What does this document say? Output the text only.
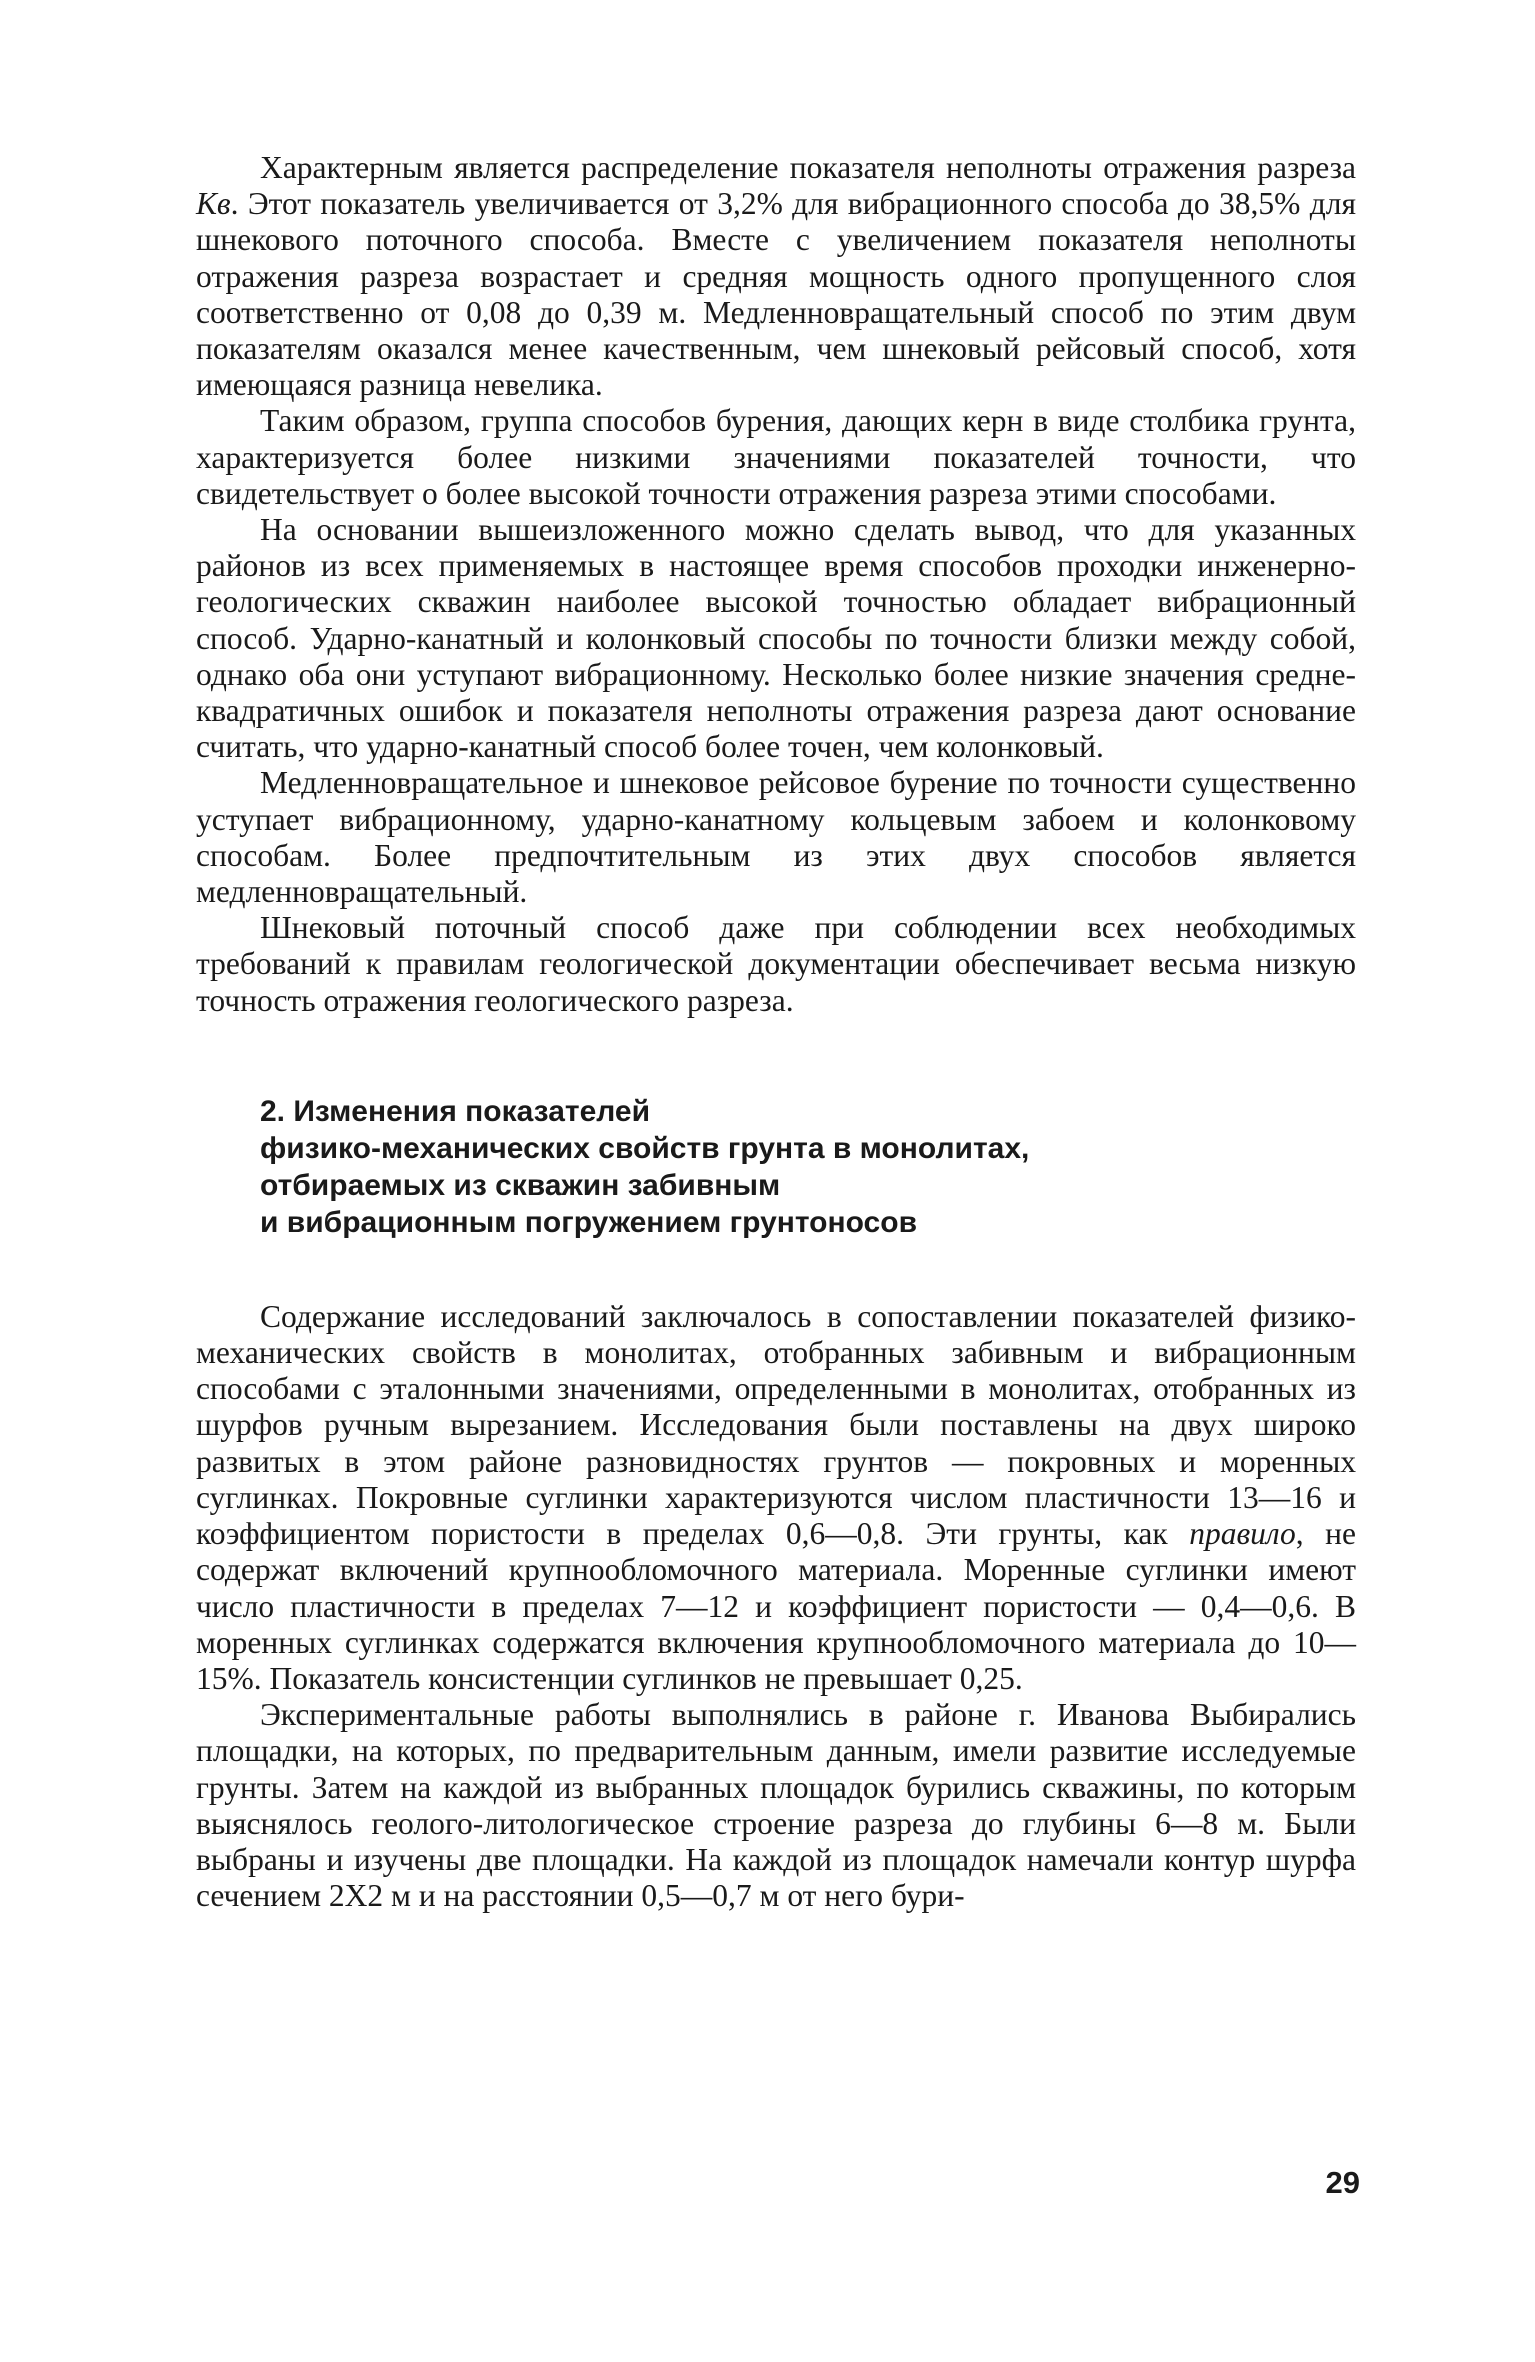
Характерным является распределение показателя неполноты отражения разреза Кв. Этот показатель увеличивается от 3,2% для вибрационного способа до 38,5% для шнекового поточного способа. Вместе с увеличением показателя неполноты отражения разреза возрастает и средняя мощность одного пропущенного слоя соответственно от 0,08 до 0,39 м. Медленновращательный способ по этим двум показателям оказался менее качественным, чем шнековый рейсовый способ, хотя имеющаяся разница невелика.

Таким образом, группа способов бурения, дающих керн в виде столбика грунта, характеризуется более низкими значениями показателей точности, что свидетельствует о более высокой точности отражения разреза этими способами.

На основании вышеизложенного можно сделать вывод, что для указанных районов из всех применяемых в настоящее время способов проходки инженерно-геологических скважин наиболее высокой точностью обладает вибрационный способ. Ударно-канатный и колонковый способы по точности близки между собой, однако оба они уступают вибрационному. Несколько более низкие значения среднеквадратичных ошибок и показателя неполноты отражения разреза дают основание считать, что ударно-канатный способ более точен, чем колонковый.

Медленновращательное и шнековое рейсовое бурение по точности существенно уступает вибрационному, ударно-канатному кольцевым забоем и колонковому способам. Более предпочтительным из этих двух способов является медленновращательный.

Шнековый поточный способ даже при соблюдении всех необходимых требований к правилам геологической документации обеспечивает весьма низкую точность отражения геологического разреза.

2. Изменения показателей
физико-механических свойств грунта в монолитах,
отбираемых из скважин забивным
и вибрационным погружением грунтоносов

Содержание исследований заключалось в сопоставлении показателей физико-механических свойств в монолитах, отобранных забивным и вибрационным способами с эталонными значениями, определенными в монолитах, отобранных из шурфов ручным вырезанием. Исследования были поставлены на двух широко развитых в этом районе разновидностях грунтов — покровных и моренных суглинках. Покровные суглинки характеризуются числом пластичности 13—16 и коэффициентом пористости в пределах 0,6—0,8. Эти грунты, как правило, не содержат включений крупнообломочного материала. Моренные суглинки имеют число пластичности в пределах 7—12 и коэффициент пористости — 0,4—0,6. В моренных суглинках содержатся включения крупнообломочного материала до 10—15%. Показатель консистенции суглинков не превышает 0,25.

Экспериментальные работы выполнялись в районе г. Иванова Выбирались площадки, на которых, по предварительным данным, имели развитие исследуемые грунты. Затем на каждой из выбранных площадок бурились скважины, по которым выяснялось геолого-литологическое строение разреза до глубины 6—8 м. Были выбраны и изучены две площадки. На каждой из площадок намечали контур шурфа сечением 2Х2 м и на расстоянии 0,5—0,7 м от него бури-

29
